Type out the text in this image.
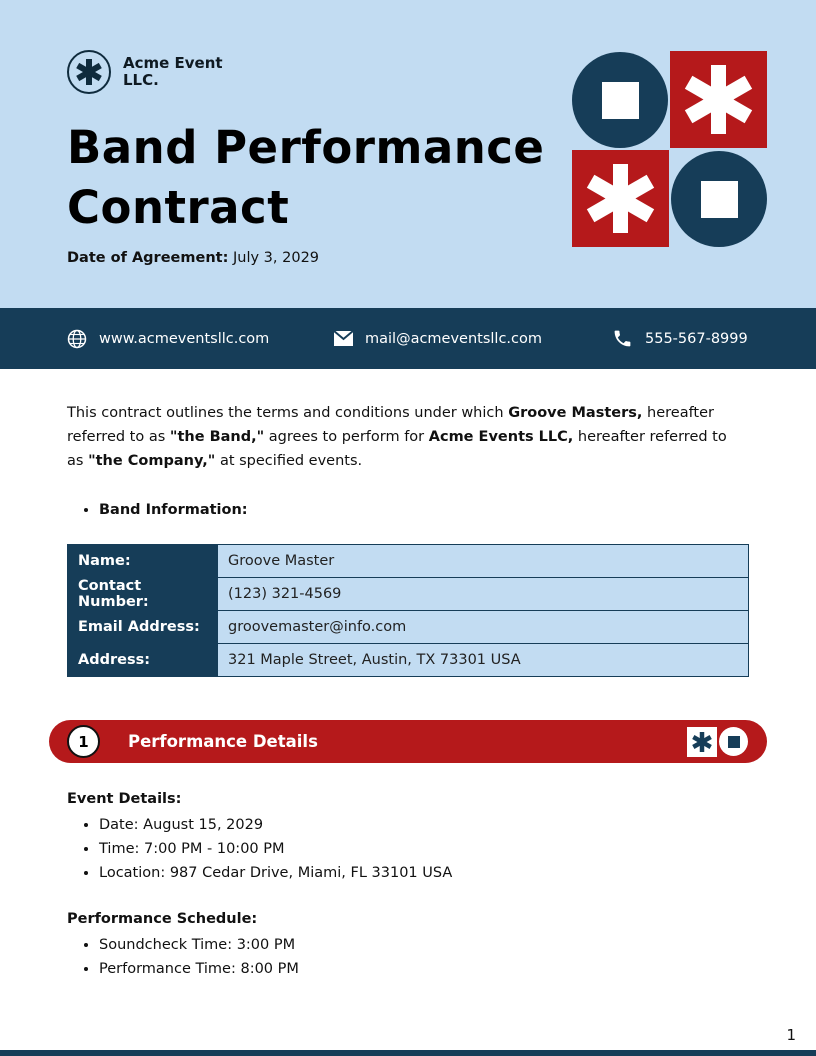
Acme Event LLC.
Band Performance Contract
Date of Agreement: July 3, 2029
www.acmeventsllc.com	mail@acmeventsllc.com	555-567-8999

This contract outlines the terms and conditions under which Groove Masters, hereafter referred to as "the Band," agrees to perform for Acme Events LLC, hereafter referred to as "the Company," at specified events.

• Band Information:
Name:	Groove Master
Contact Number:	(123) 321-4569
Email Address:	groovemaster@info.com
Address:	321 Maple Street, Austin, TX 73301 USA
1	Performance Details
Event Details:
• Date: August 15, 2029
• Time: 7:00 PM - 10:00 PM
• Location: 987 Cedar Drive, Miami, FL 33101 USA
Performance Schedule:
• Soundcheck Time: 3:00 PM
• Performance Time: 8:00 PM
1
